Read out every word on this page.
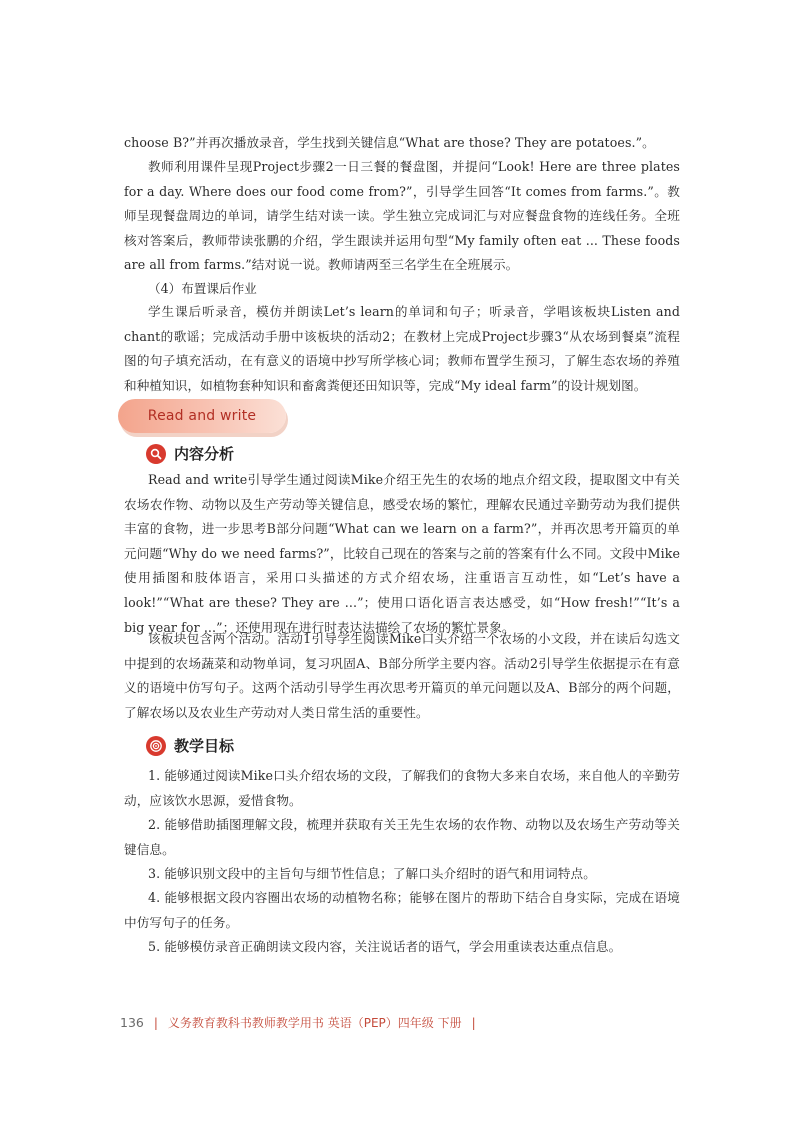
choose B?”并再次播放录音，学生找到关键信息“What are those? They are potatoes.”。

教师利用课件呈现Project步骤2一日三餐的餐盘图，并提问“Look! Here are three plates for a day. Where does our food come from?”，引导学生回答“It comes from farms.”。教师呈现餐盘周边的单词，请学生结对读一读。学生独立完成词汇与对应餐盘食物的连线任务。全班核对答案后，教师带读张鹏的介绍，学生跟读并运用句型“My family often eat ... These foods are all from farms.”结对说一说。教师请两至三名学生在全班展示。

（4）布置课后作业

学生课后听录音，模仿并朗读Let’s learn的单词和句子；听录音，学唱该板块Listen and chant的歌谣；完成活动手册中该板块的活动2；在教材上完成Project步骤3“从农场到餐桌”流程图的句子填充活动，在有意义的语境中抄写所学核心词；教师布置学生预习，了解生态农场的养殖和种植知识，如植物套种知识和畜禽粪便还田知识等，完成“My ideal farm”的设计规划图。

Read and write
内容分析

Read and write引导学生通过阅读Mike介绍王先生的农场的地点介绍文段，提取图文中有关农场农作物、动物以及生产劳动等关键信息，感受农场的繁忙，理解农民通过辛勤劳动为我们提供丰富的食物，进一步思考B部分问题“What can we learn on a farm?”，并再次思考开篇页的单元问题“Why do we need farms?”，比较自己现在的答案与之前的答案有什么不同。文段中Mike使用插图和肢体语言，采用口头描述的方式介绍农场，注重语言互动性，如“Let’s have a look!”“What are these? They are ...”；使用口语化语言表达感受，如“How fresh!”“It’s a big year for ...”；还使用现在进行时表达法描绘了农场的繁忙景象。

该板块包含两个活动。活动1引导学生阅读Mike口头介绍一个农场的小文段，并在读后勾选文中提到的农场蔬菜和动物单词，复习巩固A、B部分所学主要内容。活动2引导学生依据提示在有意义的语境中仿写句子。这两个活动引导学生再次思考开篇页的单元问题以及A、B部分的两个问题，了解农场以及农业生产劳动对人类日常生活的重要性。

教学目标

1. 能够通过阅读Mike口头介绍农场的文段，了解我们的食物大多来自农场，来自他人的辛勤劳动，应该饮水思源，爱惜食物。

2. 能够借助插图理解文段，梳理并获取有关王先生农场的农作物、动物以及农场生产劳动等关键信息。

3. 能够识别文段中的主旨句与细节性信息；了解口头介绍时的语气和用词特点。

4. 能够根据文段内容圈出农场的动植物名称；能够在图片的帮助下结合自身实际，完成在语境中仿写句子的任务。

5. 能够模仿录音正确朗读文段内容，关注说话者的语气，学会用重读表达重点信息。

136 | 义务教育教科书教师教学用书 英语（PEP）四年级 下册 |
